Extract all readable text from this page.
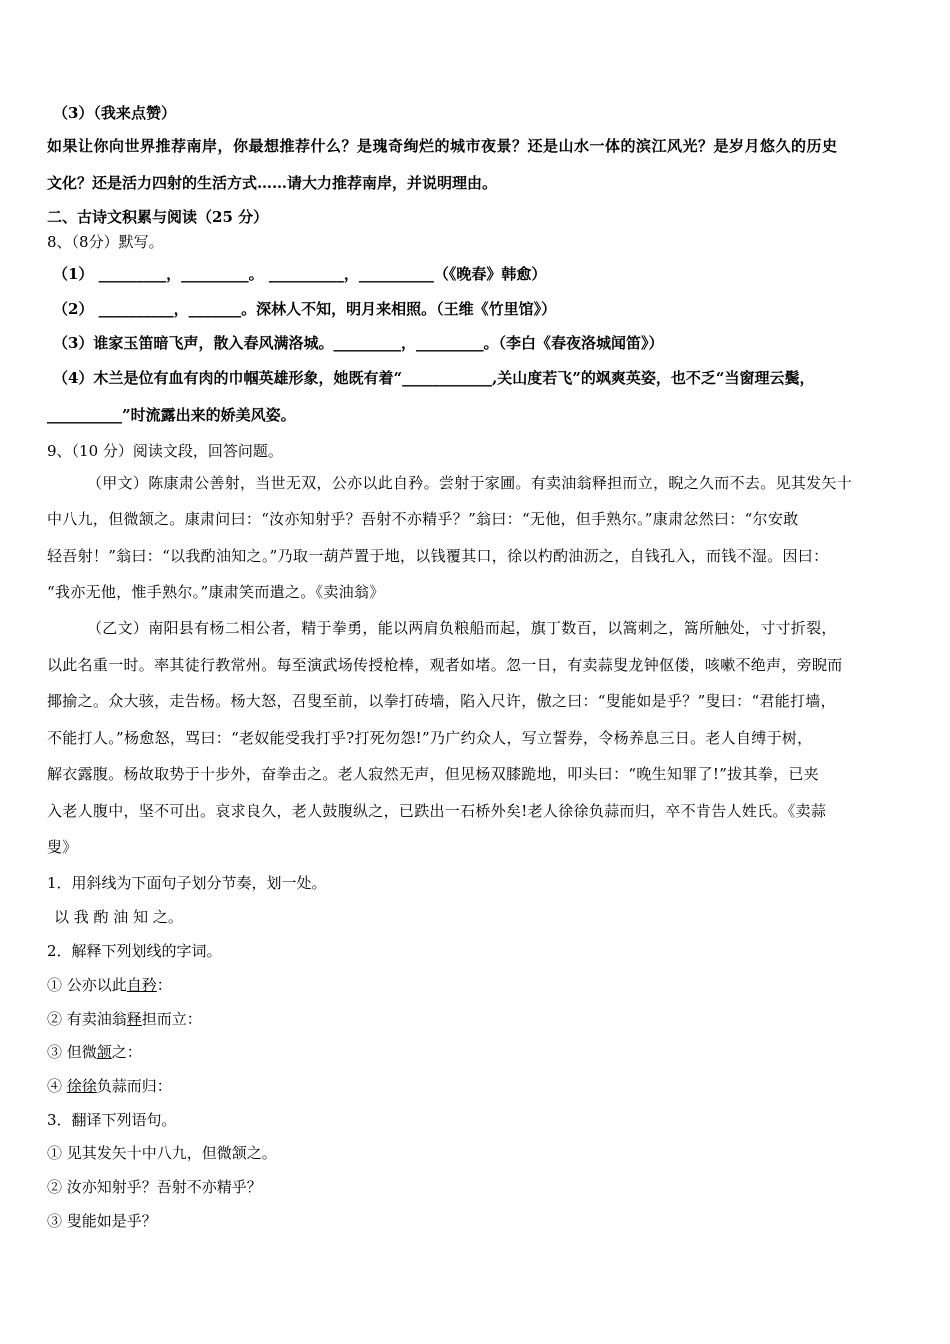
（3）（我来点赞）
如果让你向世界推荐南岸，你最想推荐什么？是瑰奇绚烂的城市夜景？还是山水一体的滨江风光？是岁月悠久的历史
文化？还是活力四射的生活方式……请大力推荐南岸，并说明理由。
二、古诗文积累与阅读（25 分）
8、（8分）默写。
（1） _________，_________。 __________，__________（《晚春》韩愈）
（2） __________，_______。深林人不知，明月来相照。（王维《竹里馆》）
（3）谁家玉笛暗飞声，散入春风满洛城。_________，_________。（李白《春夜洛城闻笛》）
（4）木兰是位有血有肉的巾帼英雄形象，她既有着“____________,关山度若飞”的飒爽英姿，也不乏“当窗理云鬓，
__________”时流露出来的娇美风姿。
9、（10 分）阅读文段，回答问题。
（甲文）陈康肃公善射，当世无双，公亦以此自矜。尝射于家圃。有卖油翁释担而立，睨之久而不去。见其发矢十
中八九，但微颔之。康肃问曰：“汝亦知射乎？吾射不亦精乎？”翁曰：“无他，但手熟尔。”康肃忿然曰：“尔安敢
轻吾射！”翁曰：“以我酌油知之。”乃取一葫芦置于地，以钱覆其口，徐以杓酌油沥之，自钱孔入，而钱不湿。因曰：
“我亦无他，惟手熟尔。”康肃笑而遣之。《卖油翁》
（乙文）南阳县有杨二相公者，精于拳勇，能以两肩负粮船而起，旗丁数百，以篙刺之，篙所触处，寸寸折裂，
以此名重一时。率其徒行教常州。每至演武场传授枪棒，观者如堵。忽一日，有卖蒜叟龙钟伛偻，咳嗽不绝声，旁睨而
揶揄之。众大骇，走告杨。杨大怒，召叟至前，以拳打砖墙，陷入尺许，傲之曰：“叟能如是乎？”叟曰：“君能打墙，
不能打人。”杨愈怒，骂曰：“老奴能受我打乎?打死勿怨!”乃广约众人，写立誓券，令杨养息三日。老人自缚于树，
解衣露腹。杨故取势于十步外，奋拳击之。老人寂然无声，但见杨双膝跪地，叩头曰：“晚生知罪了!”拔其拳，已夹
入老人腹中，坚不可出。哀求良久，老人鼓腹纵之，已跌出一石桥外矣!老人徐徐负蒜而归，卒不肯告人姓氏。《卖蒜
叟》
1．用斜线为下面句子划分节奏，划一处。
以 我 酌 油 知 之。
2．解释下列划线的字词。
① 公亦以此自矜：
② 有卖油翁释担而立：
③ 但微颔之：
④ 徐徐负蒜而归：
3．翻译下列语句。
① 见其发矢十中八九，但微颔之。
② 汝亦知射乎？吾射不亦精乎？
③ 叟能如是乎？
